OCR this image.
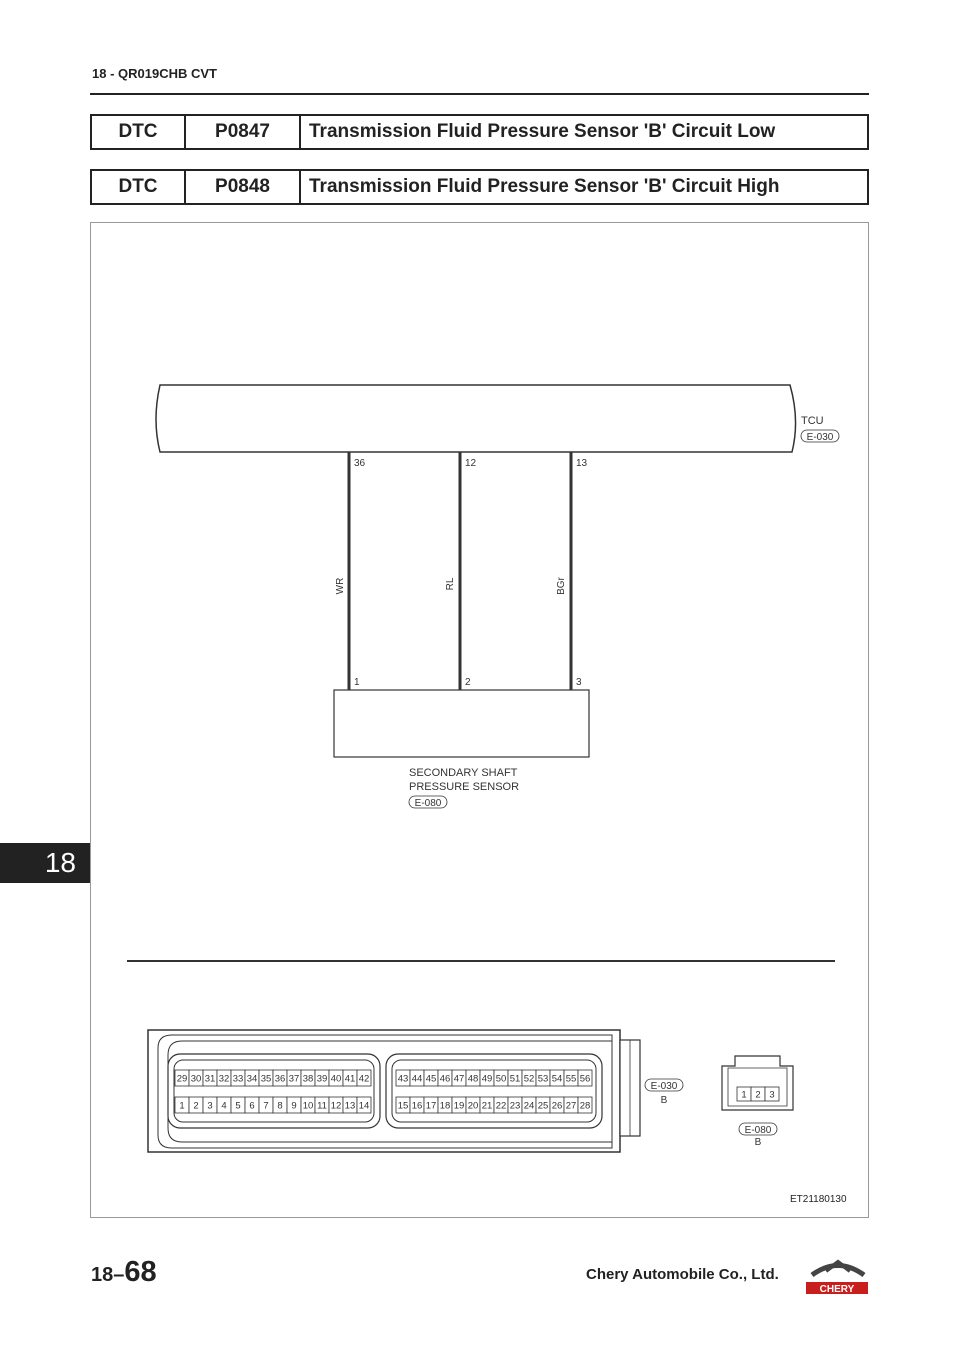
18 - QR019CHB CVT
DTC	P0847	Transmission Fluid Pressure Sensor 'B' Circuit Low
DTC	P0848	Transmission Fluid Pressure Sensor 'B' Circuit High
TCU
E-030
36	12	13
WR	RL	BGr
1	2	3
SECONDARY SHAFT
PRESSURE SENSOR
E-080
29 30 31 32 33 34 35 36 37 38 39 40 41 42
1 2 3 4 5 6 7 8 9 10 11 12 13 14
43 44 45 46 47 48 49 50 51 52 53 54 55 56
15 16 17 18 19 20 21 22 23 24 25 26 27 28
E-030
B	1 2 3
E-080
B
CHERY
ET21180130
18
18–68	Chery Automobile Co., Ltd.
